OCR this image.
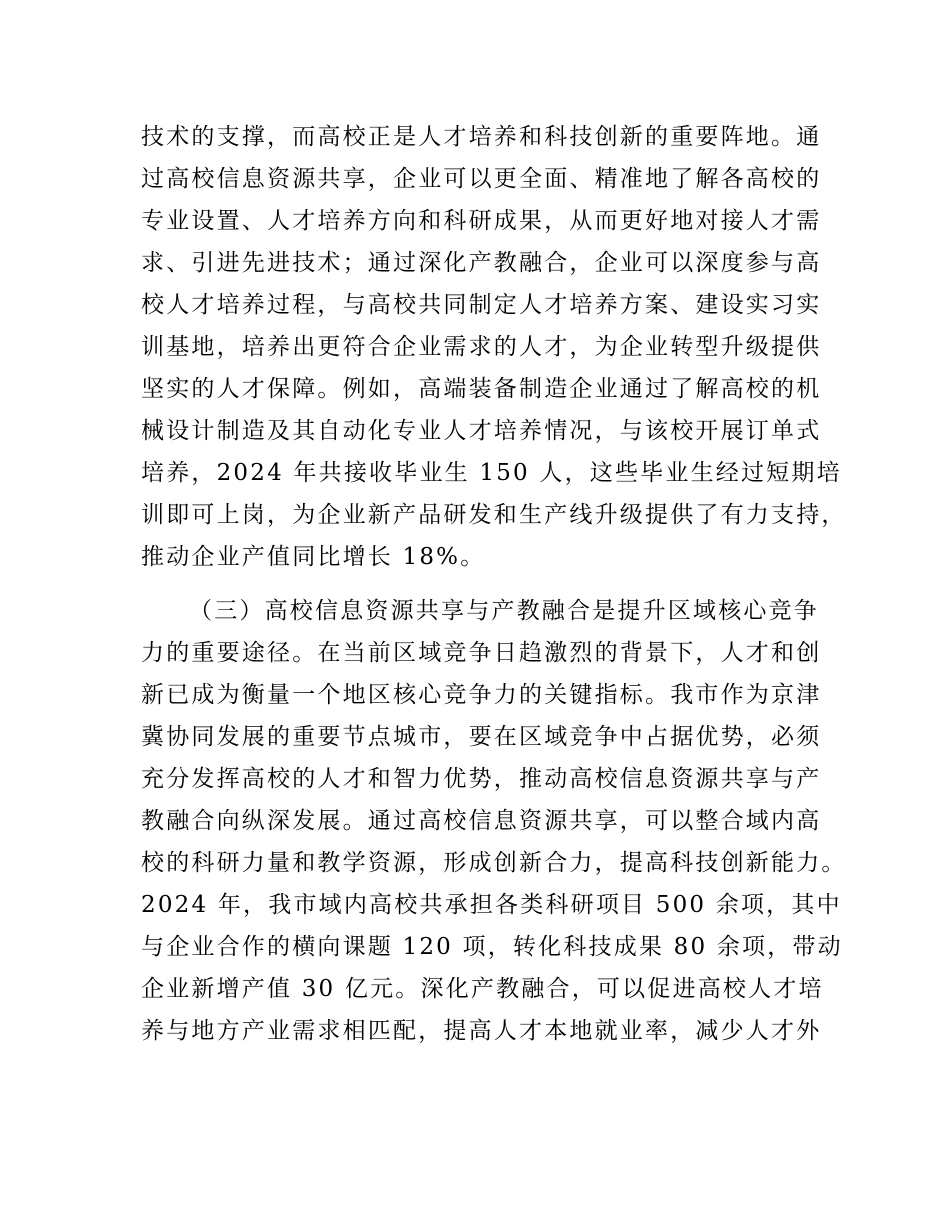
技术的支撑，而高校正是人才培养和科技创新的重要阵地。通
过高校信息资源共享，企业可以更全面、精准地了解各高校的
专业设置、人才培养方向和科研成果，从而更好地对接人才需
求、引进先进技术；通过深化产教融合，企业可以深度参与高
校人才培养过程，与高校共同制定人才培养方案、建设实习实
训基地，培养出更符合企业需求的人才，为企业转型升级提供
坚实的人才保障。例如，高端装备制造企业通过了解高校的机
械设计制造及其自动化专业人才培养情况，与该校开展订单式
培养，2024 年共接收毕业生 150 人，这些毕业生经过短期培
训即可上岗，为企业新产品研发和生产线升级提供了有力支持，
推动企业产值同比增长 18%。
（三）高校信息资源共享与产教融合是提升区域核心竞争
力的重要途径。在当前区域竞争日趋激烈的背景下，人才和创
新已成为衡量一个地区核心竞争力的关键指标。我市作为京津
冀协同发展的重要节点城市，要在区域竞争中占据优势，必须
充分发挥高校的人才和智力优势，推动高校信息资源共享与产
教融合向纵深发展。通过高校信息资源共享，可以整合域内高
校的科研力量和教学资源，形成创新合力，提高科技创新能力。
2024 年，我市域内高校共承担各类科研项目 500 余项，其中
与企业合作的横向课题 120 项，转化科技成果 80 余项，带动
企业新增产值 30 亿元。深化产教融合，可以促进高校人才培
养与地方产业需求相匹配，提高人才本地就业率，减少人才外
